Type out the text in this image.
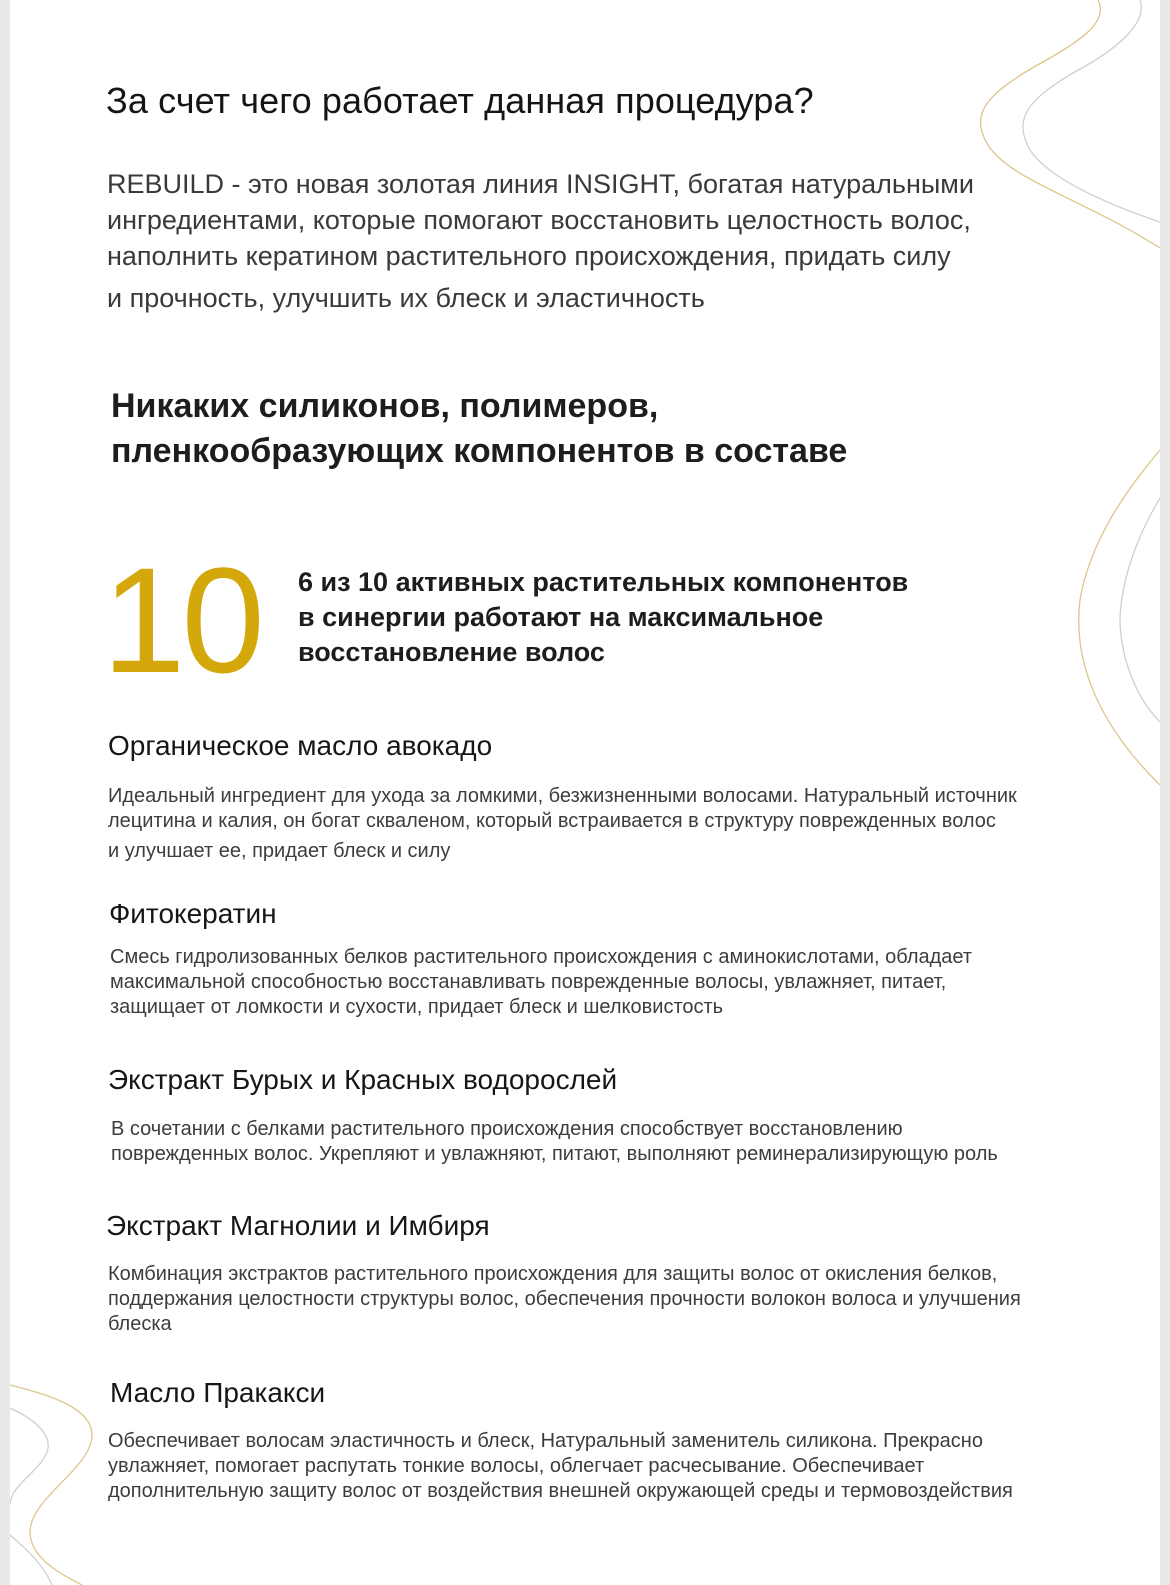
За счет чего работает данная процедура?

REBUILD - это новая золотая линия INSIGHT, богатая натуральными
ингредиентами, которые помогают восстановить целостность волос,
наполнить кератином растительного происхождения, придать силу
и прочность, улучшить их блеск и эластичность

Никаких силиконов, полимеров,
пленкообразующих компонентов в составе
10 6 из 10 активных растительных компонентов
в синергии работают на максимальное
восстановление волос

Органическое масло авокадо

Идеальный ингредиент для ухода за ломкими, безжизненными волосами. Натуральный источник
лецитина и калия, он богат скваленом, который встраивается в структуру поврежденных волос
и улучшает ее, придает блеск и силу

Фитокератин

Смесь гидролизованных белков растительного происхождения с аминокислотами, обладает
максимальной способностью восстанавливать поврежденные волосы, увлажняет, питает,
защищает от ломкости и сухости, придает блеск и шелковистость

Экстракт Бурых и Красных водорослей

В сочетании с белками растительного происхождения способствует восстановлению
поврежденных волос. Укрепляют и увлажняют, питают, выполняют реминерализирующую роль

Экстракт Магнолии и Имбиря

Комбинация экстрактов растительного происхождения для защиты волос от окисления белков,
поддержания целостности структуры волос, обеспечения прочности волокон волоса и улучшения
блеска

Масло Пракакси

Обеспечивает волосам эластичность и блеск, Натуральный заменитель силикона. Прекрасно
увлажняет, помогает распутать тонкие волосы, облегчает расчесывание. Обеспечивает
дополнительную защиту волос от воздействия внешней окружающей среды и термовоздействия
